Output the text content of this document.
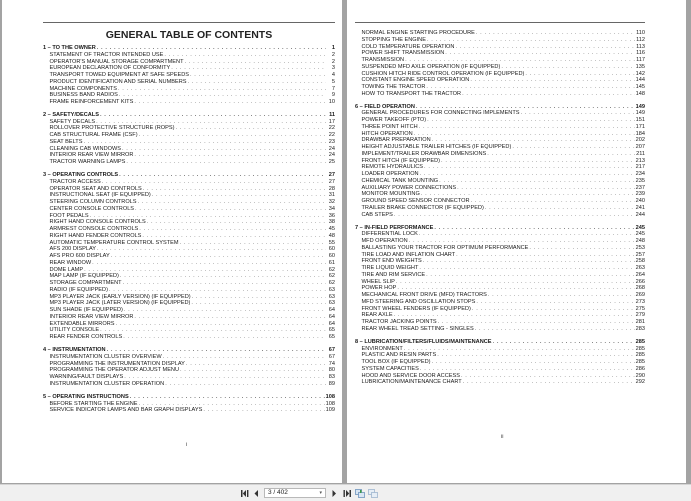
GENERAL TABLE OF CONTENTS
1 – TO THE OWNER . . .	1
STATEMENT OF TRACTOR INTENDED USE . . .	2
OPERATOR'S MANUAL STORAGE COMPARTMENT . . .	2
EUROPEAN DECLARATION OF CONFORMITY . . .	3
TRANSPORT TOWED EQUIPMENT AT SAFE SPEEDS . . .	4
PRODUCT IDENTIFICATION AND SERIAL NUMBERS . . .	5
MACHINE COMPONENTS . . .	7
BUSINESS BAND RADIOS . . .	9
FRAME REINFORCEMENT KITS . . .	10
2 – SAFETY/DECALS . . .	11
SAFETY DECALS . . .	17
ROLLOVER PROTECTIVE STRUCTURE (ROPS) . . .	22
CAB STRUCTURAL FRAME (CSF) . . .	22
SEAT BELTS . . .	23
CLEANING CAB WINDOWS . . .	24
INTERIOR REAR VIEW MIRROR . . .	24
TRACTOR WARNING LAMPS . . .	25
3 – OPERATING CONTROLS . . .	27
TRACTOR ACCESS . . .	27
OPERATOR SEAT AND CONTROLS . . .	28
INSTRUCTIONAL SEAT (IF EQUIPPED) . . .	31
STEERING COLUMN CONTROLS . . .	32
CENTER CONSOLE CONTROLS . . .	34
FOOT PEDALS . . .	36
RIGHT HAND CONSOLE CONTROLS . . .	38
ARMREST CONSOLE CONTROLS . . .	45
RIGHT HAND FENDER CONTROLS . . .	48
AUTOMATIC TEMPERATURE CONTROL SYSTEM . . .	55
AFS 200 DISPLAY . . .	60
AFS PRO 600 DISPLAY . . .	60
REAR WINDOW . . .	61
DOME LAMP . . .	62
MAP LAMP (IF EQUIPPED) . . .	62
STORAGE COMPARTMENT . . .	62
RADIO (IF EQUIPPED) . . .	63
MP3 PLAYER JACK (EARLY VERSION) (IF EQUIPPED) . . .	63
MP3 PLAYER JACK (LATER VERSION) (IF EQUIPPED) . . .	63
SUN SHADE (IF EQUIPPED) . . .	64
INTERIOR REAR VIEW MIRROR . . .	64
EXTENDABLE MIRRORS . . .	64
UTILITY CONSOLE . . .	65
REAR FENDER CONTROLS . . .	65
4 – INSTRUMENTATION . . .	67
INSTRUMENTATION CLUSTER OVERVIEW . . .	67
PROGRAMMING THE INSTRUMENTATION DISPLAY . . .	74
PROGRAMMING THE OPERATOR ADJUST MENU . . .	80
WARNING/FAULT DISPLAYS . . .	83
INSTRUMENTATION CLUSTER OPERATION . . .	89
5 – OPERATING INSTRUCTIONS . . .	108
BEFORE STARTING THE ENGINE . . .	108
SERVICE INDICATOR LAMPS AND BAR GRAPH DISPLAYS . . .	109
i
NORMAL ENGINE STARTING PROCEDURE . . .	110
STOPPING THE ENGINE . . .	112
COLD TEMPERATURE OPERATION . . .	113
POWER SHIFT TRANSMISSION . . .	116
TRANSMISSION . . .	117
SUSPENDED MFD AXLE OPERATION (IF EQUIPPED) . . .	135
CUSHION HITCH RIDE CONTROL OPERATION (IF EQUIPPED) . . .	142
CONSTANT ENGINE SPEED OPERATION . . .	144
TOWING THE TRACTOR . . .	145
HOW TO TRANSPORT THE TRACTOR . . .	148
6 – FIELD OPERATION . . .	149
GENERAL PROCEDURES FOR CONNECTING IMPLEMENTS . . .	149
POWER TAKEOFF (PTO) . . .	151
THREE POINT HITCH . . .	171
HITCH OPERATION . . .	184
DRAWBAR PREPARATION . . .	202
HEIGHT ADJUSTABLE TRAILER HITCHES (IF EQUIPPED) . . .	207
IMPLEMENT/TRAILER DRAWBAR DIMENSIONS . . .	211
FRONT HITCH (IF EQUIPPED) . . .	213
REMOTE HYDRAULICS . . .	217
LOADER OPERATION . . .	234
CHEMICAL TANK MOUNTING . . .	235
AUXILIARY POWER CONNECTIONS . . .	237
MONITOR MOUNTING . . .	239
GROUND SPEED SENSOR CONNECTOR . . .	240
TRAILER BRAKE CONNECTOR (IF EQUIPPED) . . .	241
CAB STEPS . . .	244
7 – IN-FIELD PERFORMANCE . . .	245
DIFFERENTIAL LOCK . . .	245
MFD OPERATION . . .	248
BALLASTING YOUR TRACTOR FOR OPTIMUM PERFORMANCE . . .	253
TIRE LOAD AND INFLATION CHART . . .	257
FRONT END WEIGHTS . . .	258
TIRE LIQUID WEIGHT . . .	263
TIRE AND RIM SERVICE . . .	264
WHEEL SLIP . . .	266
POWER HOP . . .	268
MECHANICAL FRONT DRIVE (MFD) TRACTORS . . .	269
MFD STEERING AND OSCILLATION STOPS . . .	273
FRONT WHEEL FENDERS (IF EQUIPPED) . . .	275
REAR AXLE . . .	279
TRACTOR JACKING POINTS . . .	281
REAR WHEEL TREAD SETTING - SINGLES . . .	283
8 – LUBRICATION/FILTERS/FLUIDS/MAINTENANCE . . .	285
ENVIRONMENT . . .	285
PLASTIC AND RESIN PARTS . . .	285
TOOL BOX (IF EQUIPPED) . . .	285
SYSTEM CAPACITIES . . .	286
HOOD AND SERVICE DOOR ACCESS . . .	290
LUBRICATION/MAINTENANCE CHART . . .	292
ii
3 / 402	▾
